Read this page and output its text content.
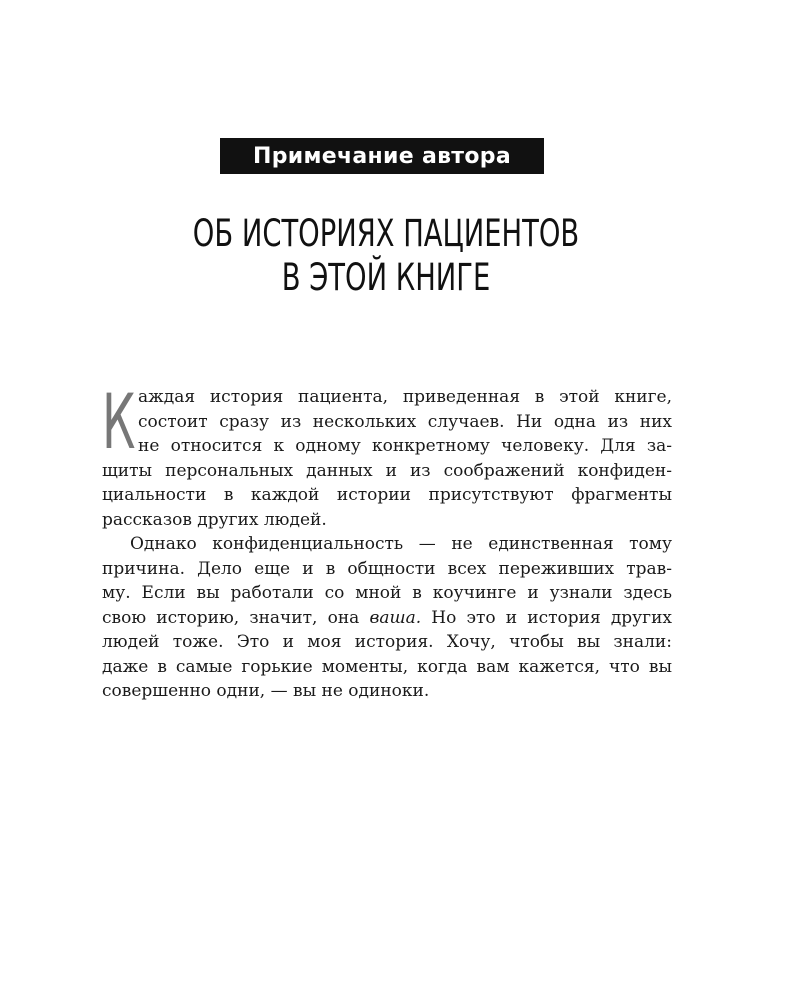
Примечание автора
ОБ ИСТОРИЯХ ПАЦИЕНТОВ
В ЭТОЙ КНИГЕ
К аждая история пациента, приведенная в этой книге,
состоит сразу из нескольких случаев. Ни одна из них
не относится к одному конкретному человеку. Для за-
щиты персональных данных и из соображений конфиден-
циальности в каждой истории присутствуют фрагменты
рассказов других людей.
Однако конфиденциальность — не единственная тому
причина. Дело еще и в общности всех переживших трав-
му. Если вы работали со мной в коучинге и узнали здесь
свою историю, значит, она ваша. Но это и история других
людей тоже. Это и моя история. Хочу, чтобы вы знали:
даже в самые горькие моменты, когда вам кажется, что вы
совершенно одни, — вы не одиноки.
